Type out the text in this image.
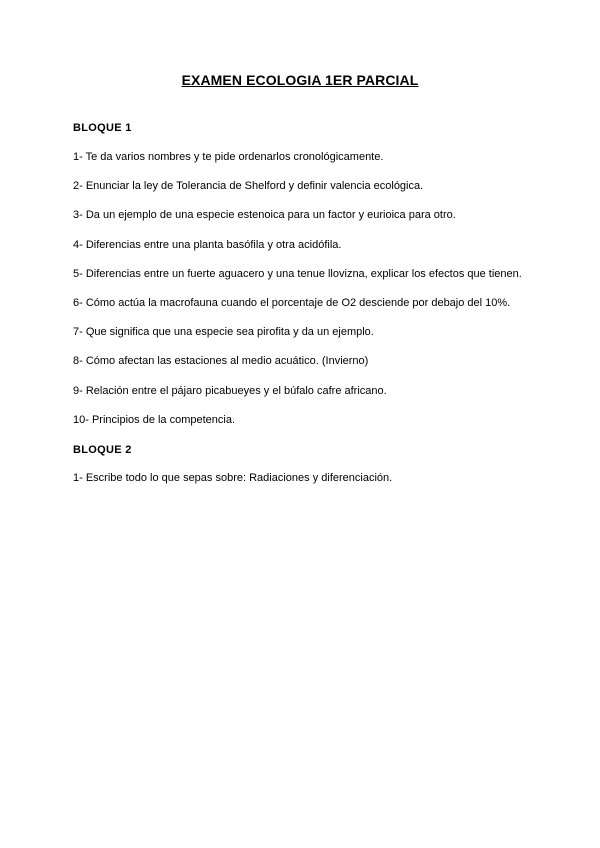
EXAMEN ECOLOGIA 1ER PARCIAL
BLOQUE 1
1- Te da varios nombres y te pide ordenarlos cronológicamente.
2- Enunciar la ley de Tolerancia de Shelford y definir valencia ecológica.
3- Da un ejemplo de una especie estenoica para un factor y eurioica para otro.
4- Diferencias entre una planta basófila y otra acidófila.
5- Diferencias entre un fuerte aguacero y una tenue llovizna, explicar los efectos que tienen.
6- Cómo actúa la macrofauna cuando el porcentaje de O2 desciende por debajo del 10%.
7- Que significa que una especie sea pirofita y da un ejemplo.
8- Cómo afectan las estaciones al medio acuático. (Invierno)
9- Relación entre el pájaro picabueyes y el búfalo cafre africano.
10- Principios de la competencia.
BLOQUE 2
1- Escribe todo lo que sepas sobre: Radiaciones y diferenciación.
